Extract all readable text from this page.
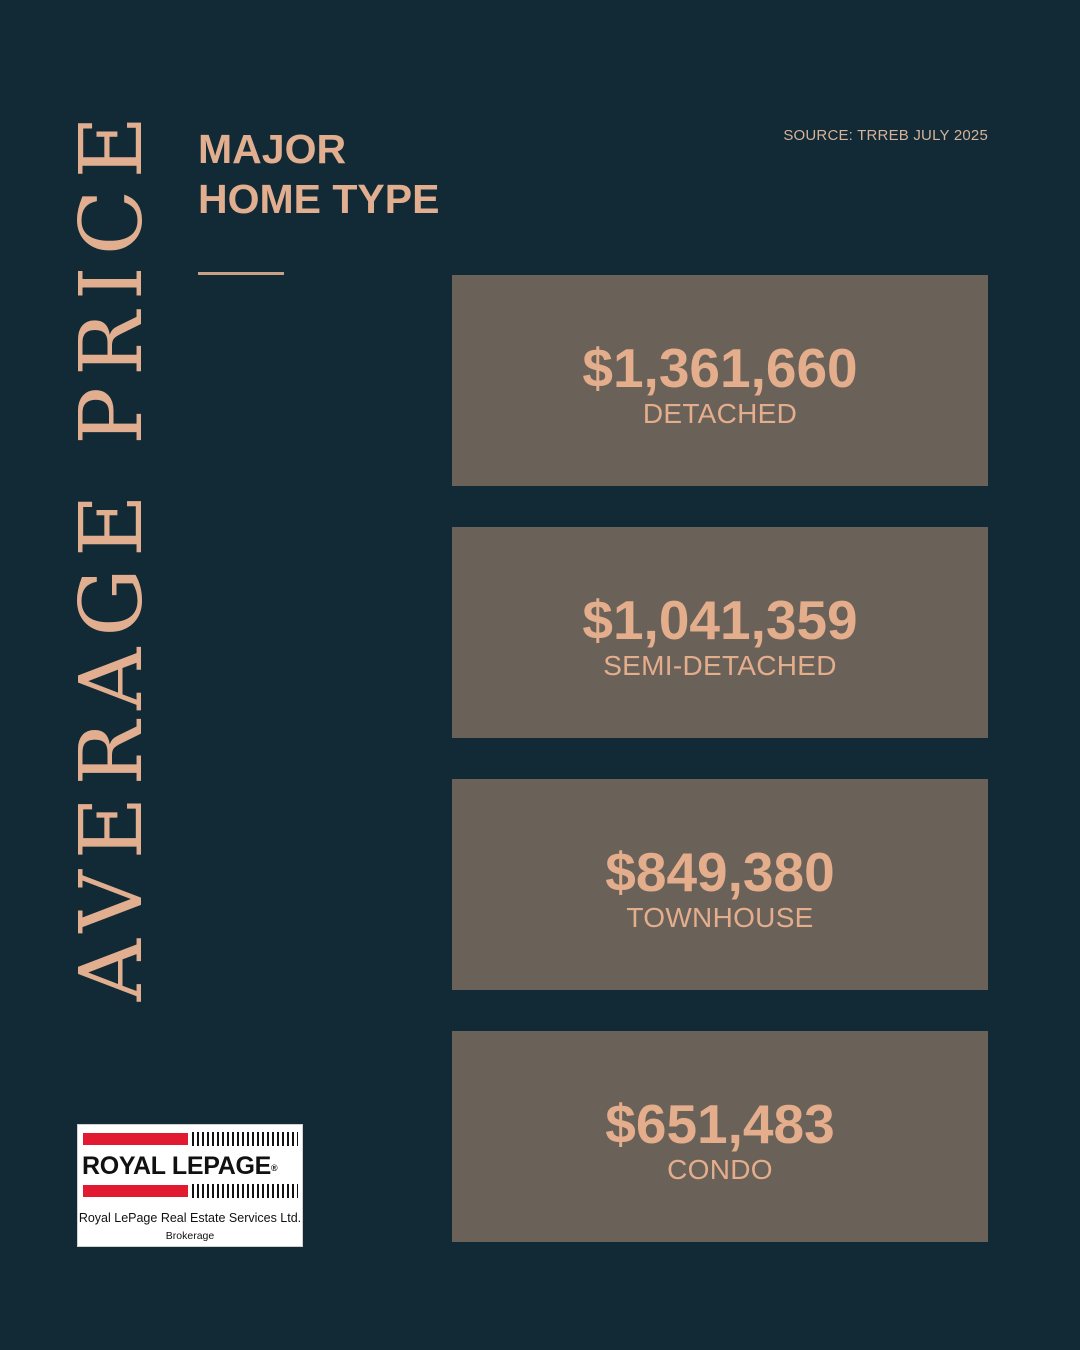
AVERAGE PRICE MAJOR
HOME TYPE
SOURCE: TRREB JULY 2025
$1,361,660
DETACHED
$1,041,359
SEMI-DETACHED
$849,380
TOWNHOUSE
$651,483
CONDO
ROYAL LEPAGE®
Royal LePage Real Estate Services Ltd.
Brokerage
